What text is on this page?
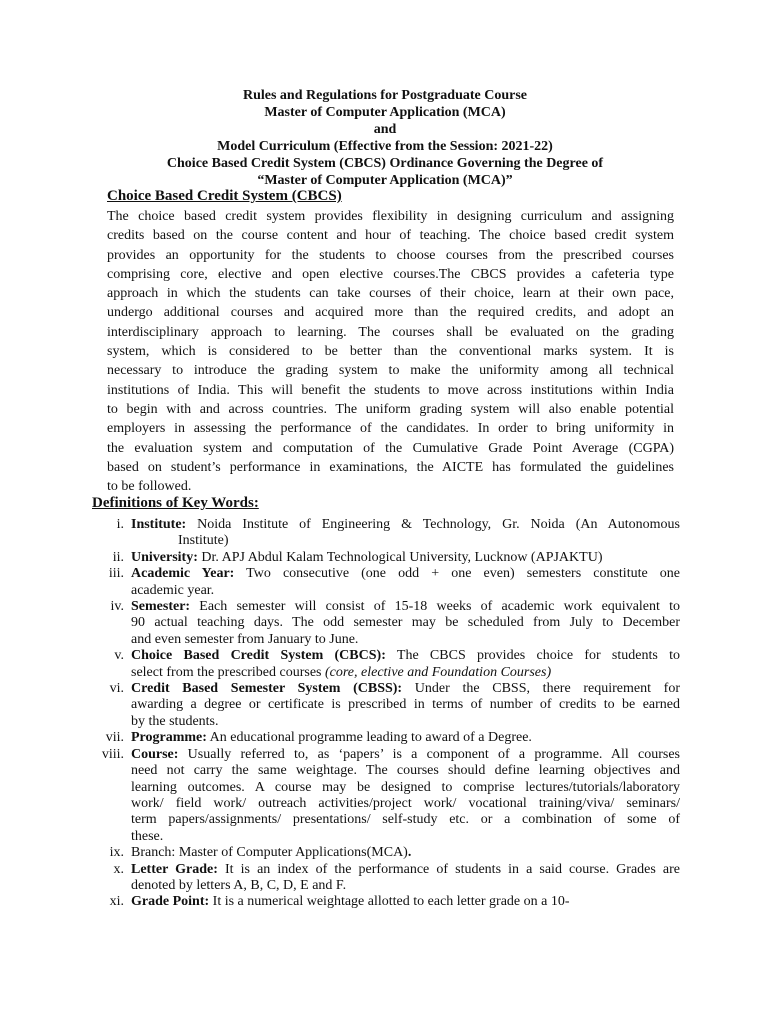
Rules and Regulations for Postgraduate Course
Master of Computer Application (MCA)
and
Model Curriculum (Effective from the Session: 2021-22)
Choice Based Credit System (CBCS) Ordinance Governing the Degree of
“Master of Computer Application (MCA)”
Choice Based Credit System (CBCS)
The choice based credit system provides flexibility in designing curriculum and assigning
credits based on the course content and hour of teaching. The choice based credit system
provides an opportunity for the students to choose courses from the prescribed courses
comprising core, elective and open elective courses.The CBCS provides a cafeteria type
approach in which the students can take courses of their choice, learn at their own pace,
undergo additional courses and acquired more than the required credits, and adopt an
interdisciplinary approach to learning. The courses shall be evaluated on the grading
system, which is considered to be better than the conventional marks system. It is
necessary to introduce the grading system to make the uniformity among all technical
institutions of India. This will benefit the students to move across institutions within India
to begin with and across countries. The uniform grading system will also enable potential
employers in assessing the performance of the candidates. In order to bring uniformity in
the evaluation system and computation of the Cumulative Grade Point Average (CGPA)
based on student’s performance in examinations, the AICTE has formulated the guidelines
to be followed.
Definitions of Key Words:
i. Institute: Noida Institute of Engineering & Technology, Gr. Noida (An Autonomous
Institute)
ii. University: Dr. APJ Abdul Kalam Technological University, Lucknow (APJAKTU)
iii. Academic Year: Two consecutive (one odd + one even) semesters constitute one
academic year.
iv. Semester: Each semester will consist of 15-18 weeks of academic work equivalent to
90 actual teaching days. The odd semester may be scheduled from July to December
and even semester from January to June.
v. Choice Based Credit System (CBCS): The CBCS provides choice for students to
select from the prescribed courses (core, elective and Foundation Courses)
vi. Credit Based Semester System (CBSS): Under the CBSS, there requirement for
awarding a degree or certificate is prescribed in terms of number of credits to be earned
by the students.
vii. Programme: An educational programme leading to award of a Degree.
viii. Course: Usually referred to, as ‘papers’ is a component of a programme. All courses
need not carry the same weightage. The courses should define learning objectives and
learning outcomes. A course may be designed to comprise lectures/tutorials/laboratory
work/ field work/ outreach activities/project work/ vocational training/viva/ seminars/
term papers/assignments/ presentations/ self-study etc. or a combination of some of
these.
ix. Branch: Master of Computer Applications(MCA).
x. Letter Grade: It is an index of the performance of students in a said course. Grades are
denoted by letters A, B, C, D, E and F.
xi. Grade Point: It is a numerical weightage allotted to each letter grade on a 10-
